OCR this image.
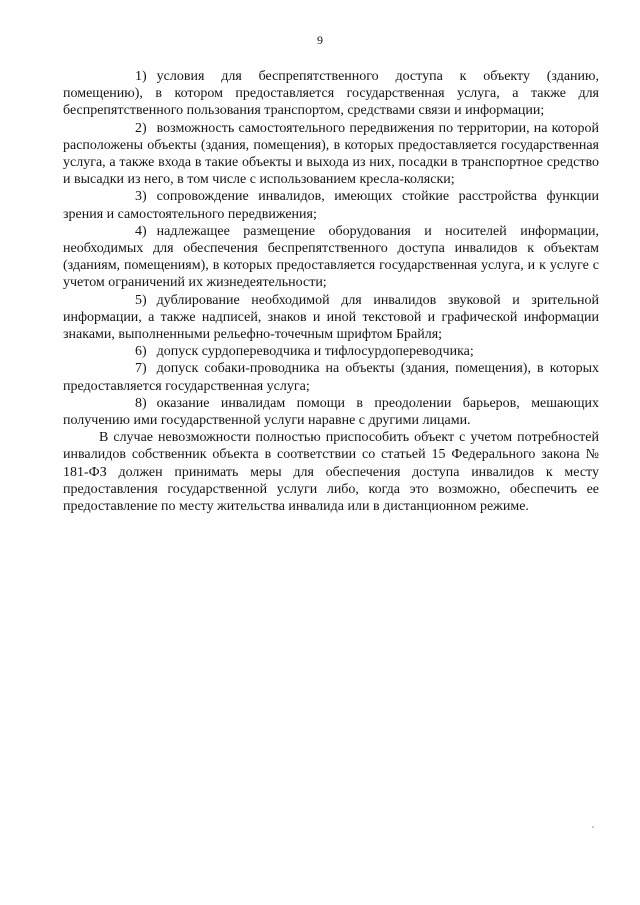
9

1) условия для беспрепятственного доступа к объекту (зданию, помещению), в котором предоставляется государственная услуга, а также для беспрепятственного пользования транспортом, средствами связи и информации;

2) возможность самостоятельного передвижения по территории, на которой расположены объекты (здания, помещения), в которых предоставляется государственная услуга, а также входа в такие объекты и выхода из них, посадки в транспортное средство и высадки из него, в том числе с использованием кресла-коляски;

3) сопровождение инвалидов, имеющих стойкие расстройства функции зрения и самостоятельного передвижения;

4) надлежащее размещение оборудования и носителей информации, необходимых для обеспечения беспрепятственного доступа инвалидов к объектам (зданиям, помещениям), в которых предоставляется государственная услуга, и к услуге с учетом ограничений их жизнедеятельности;

5) дублирование необходимой для инвалидов звуковой и зрительной информации, а также надписей, знаков и иной текстовой и графической информации знаками, выполненными рельефно-точечным шрифтом Брайля;

6) допуск сурдопереводчика и тифлосурдопереводчика;

7) допуск собаки-проводника на объекты (здания, помещения), в которых предоставляется государственная услуга;

8) оказание инвалидам помощи в преодолении барьеров, мешающих получению ими государственной услуги наравне с другими лицами.

В случае невозможности полностью приспособить объект с учетом потребностей инвалидов собственник объекта в соответствии со статьей 15 Федерального закона № 181-ФЗ должен принимать меры для обеспечения доступа инвалидов к месту предоставления государственной услуги либо, когда это возможно, обеспечить ее предоставление по месту жительства инвалида или в дистанционном режиме.
